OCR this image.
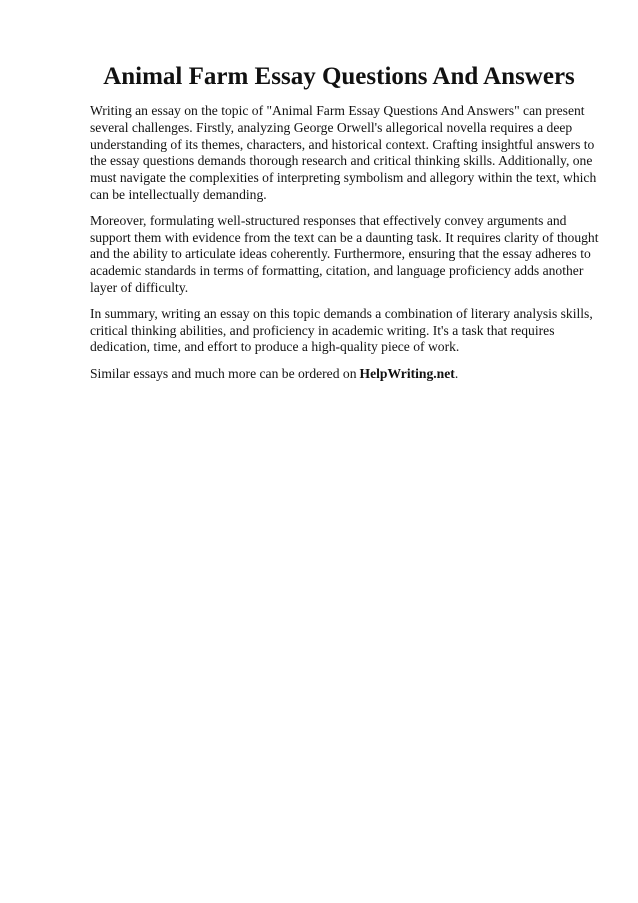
Animal Farm Essay Questions And Answers

Writing an essay on the topic of "Animal Farm Essay Questions And Answers" can present several challenges. Firstly, analyzing George Orwell's allegorical novella requires a deep understanding of its themes, characters, and historical context. Crafting insightful answers to the essay questions demands thorough research and critical thinking skills. Additionally, one must navigate the complexities of interpreting symbolism and allegory within the text, which can be intellectually demanding.

Moreover, formulating well-structured responses that effectively convey arguments and support them with evidence from the text can be a daunting task. It requires clarity of thought and the ability to articulate ideas coherently. Furthermore, ensuring that the essay adheres to academic standards in terms of formatting, citation, and language proficiency adds another layer of difficulty.

In summary, writing an essay on this topic demands a combination of literary analysis skills, critical thinking abilities, and proficiency in academic writing. It's a task that requires dedication, time, and effort to produce a high-quality piece of work.

Similar essays and much more can be ordered on HelpWriting.net.
